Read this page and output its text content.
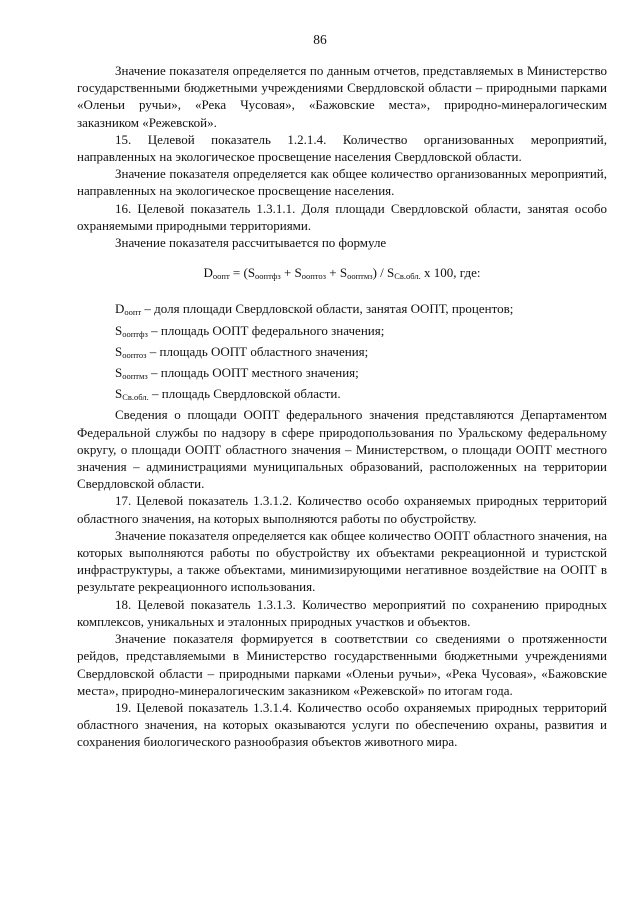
86

Значение показателя определяется по данным отчетов, представляемых в Министерство государственными бюджетными учреждениями Свердловской области – природными парками «Оленьи ручьи», «Река Чусовая», «Бажовские места», природно-минералогическим заказником «Режевской».

15. Целевой показатель 1.2.1.4. Количество организованных мероприятий, направленных на экологическое просвещение населения Свердловской области.

Значение показателя определяется как общее количество организованных мероприятий, направленных на экологическое просвещение населения.

16. Целевой показатель 1.3.1.1. Доля площади Свердловской области, занятая особо охраняемыми природными территориями.

Значение показателя рассчитывается по формуле

$D_{оопт} = (S_{ооптфз} + S_{ооптоз} + S_{ооптмз}) / S_{Св.обл.}$ х 100, где:

$D_{оопт}$ – доля площади Свердловской области, занятая ООПТ, процентов;

$S_{ооптфз}$ – площадь ООПТ федерального значения;

$S_{ооптоз}$ – площадь ООПТ областного значения;

$S_{ооптмз}$ – площадь ООПТ местного значения;

$S_{Св.обл.}$ – площадь Свердловской области.

Сведения о площади ООПТ федерального значения представляются Департаментом Федеральной службы по надзору в сфере природопользования по Уральскому федеральному округу, о площади ООПТ областного значения – Министерством, о площади ООПТ местного значения – администрациями муниципальных образований, расположенных на территории Свердловской области.

17. Целевой показатель 1.3.1.2. Количество особо охраняемых природных территорий областного значения, на которых выполняются работы по обустройству.

Значение показателя определяется как общее количество ООПТ областного значения, на которых выполняются работы по обустройству их объектами рекреационной и туристской инфраструктуры, а также объектами, минимизирующими негативное воздействие на ООПТ в результате рекреационного использования.

18. Целевой показатель 1.3.1.3. Количество мероприятий по сохранению природных комплексов, уникальных и эталонных природных участков и объектов.

Значение показателя формируется в соответствии со сведениями о протяженности рейдов, представляемыми в Министерство государственными бюджетными учреждениями Свердловской области – природными парками «Оленьи ручьи», «Река Чусовая», «Бажовские места», природно-минералогическим заказником «Режевской» по итогам года.

19. Целевой показатель 1.3.1.4. Количество особо охраняемых природных территорий областного значения, на которых оказываются услуги по обеспечению охраны, развития и сохранения биологического разнообразия объектов животного мира.
